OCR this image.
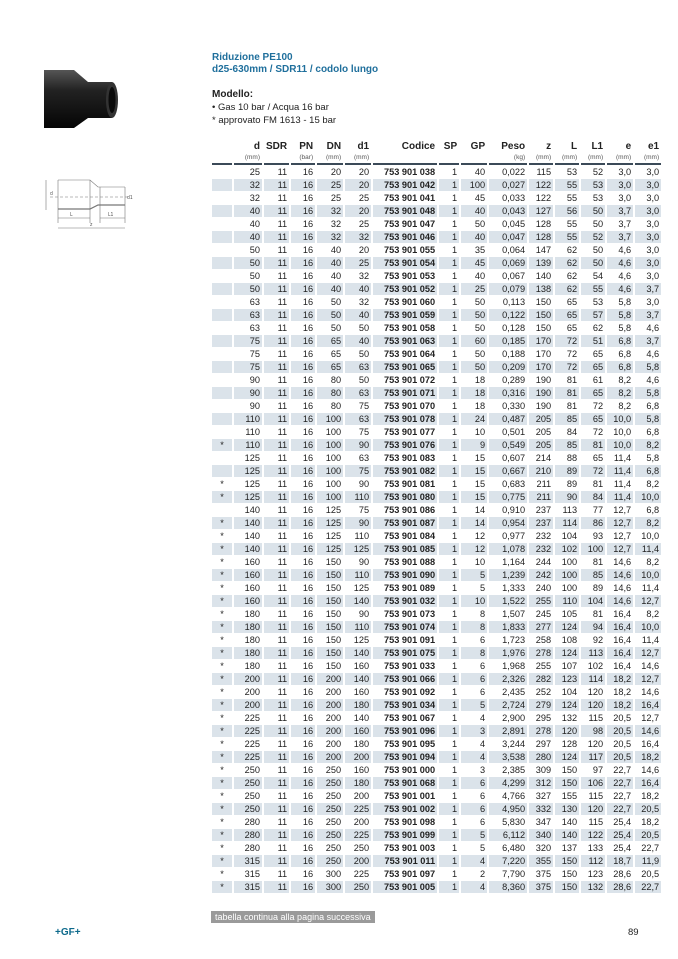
Riduzione PE100
d25-630mm / SDR11 / codolo lungo
Modello:
• Gas 10 bar / Acqua 16 bar
* approvato FM 1613 - 15 bar
d
L	L1
z
d1
	d	SDR	PN	DN	d1	Codice	SP	GP	Peso	z	L	L1	e	e1
	(mm)		(bar)	(mm)	(mm)				(kg)	(mm)	(mm)	(mm)	(mm)	(mm)
	25	11	16	20	20	753 901 038	1	40	0,022	115	53	52	3,0	3,0
	32	11	16	25	20	753 901 042	1	100	0,027	122	55	53	3,0	3,0
	32	11	16	25	25	753 901 041	1	45	0,033	122	55	53	3,0	3,0
	40	11	16	32	20	753 901 048	1	40	0,043	127	56	50	3,7	3,0
	40	11	16	32	25	753 901 047	1	50	0,045	128	55	50	3,7	3,0
	40	11	16	32	32	753 901 046	1	40	0,047	128	55	52	3,7	3,0
	50	11	16	40	20	753 901 055	1	35	0,064	147	62	50	4,6	3,0
	50	11	16	40	25	753 901 054	1	45	0,069	139	62	50	4,6	3,0
	50	11	16	40	32	753 901 053	1	40	0,067	140	62	54	4,6	3,0
	50	11	16	40	40	753 901 052	1	25	0,079	138	62	55	4,6	3,7
	63	11	16	50	32	753 901 060	1	50	0,113	150	65	53	5,8	3,0
	63	11	16	50	40	753 901 059	1	50	0,122	150	65	57	5,8	3,7
	63	11	16	50	50	753 901 058	1	50	0,128	150	65	62	5,8	4,6
	75	11	16	65	40	753 901 063	1	60	0,185	170	72	51	6,8	3,7
	75	11	16	65	50	753 901 064	1	50	0,188	170	72	65	6,8	4,6
	75	11	16	65	63	753 901 065	1	50	0,209	170	72	65	6,8	5,8
	90	11	16	80	50	753 901 072	1	18	0,289	190	81	61	8,2	4,6
	90	11	16	80	63	753 901 071	1	18	0,316	190	81	65	8,2	5,8
	90	11	16	80	75	753 901 070	1	18	0,330	190	81	72	8,2	6,8
	110	11	16	100	63	753 901 078	1	24	0,487	205	85	65	10,0	5,8
	110	11	16	100	75	753 901 077	1	10	0,501	205	84	72	10,0	6,8
*	110	11	16	100	90	753 901 076	1	9	0,549	205	85	81	10,0	8,2
	125	11	16	100	63	753 901 083	1	15	0,607	214	88	65	11,4	5,8
	125	11	16	100	75	753 901 082	1	15	0,667	210	89	72	11,4	6,8
*	125	11	16	100	90	753 901 081	1	15	0,683	211	89	81	11,4	8,2
*	125	11	16	100	110	753 901 080	1	15	0,775	211	90	84	11,4	10,0
	140	11	16	125	75	753 901 086	1	14	0,910	237	113	77	12,7	6,8
*	140	11	16	125	90	753 901 087	1	14	0,954	237	114	86	12,7	8,2
*	140	11	16	125	110	753 901 084	1	12	0,977	232	104	93	12,7	10,0
*	140	11	16	125	125	753 901 085	1	12	1,078	232	102	100	12,7	11,4
*	160	11	16	150	90	753 901 088	1	10	1,164	244	100	81	14,6	8,2
*	160	11	16	150	110	753 901 090	1	5	1,239	242	100	85	14,6	10,0
*	160	11	16	150	125	753 901 089	1	5	1,333	240	100	89	14,6	11,4
*	160	11	16	150	140	753 901 032	1	10	1,522	255	110	104	14,6	12,7
*	180	11	16	150	90	753 901 073	1	8	1,507	245	105	81	16,4	8,2
*	180	11	16	150	110	753 901 074	1	8	1,833	277	124	94	16,4	10,0
*	180	11	16	150	125	753 901 091	1	6	1,723	258	108	92	16,4	11,4
*	180	11	16	150	140	753 901 075	1	8	1,976	278	124	113	16,4	12,7
*	180	11	16	150	160	753 901 033	1	6	1,968	255	107	102	16,4	14,6
*	200	11	16	200	140	753 901 066	1	6	2,326	282	123	114	18,2	12,7
*	200	11	16	200	160	753 901 092	1	6	2,435	252	104	120	18,2	14,6
*	200	11	16	200	180	753 901 034	1	5	2,724	279	124	120	18,2	16,4
*	225	11	16	200	140	753 901 067	1	4	2,900	295	132	115	20,5	12,7
*	225	11	16	200	160	753 901 096	1	3	2,891	278	120	98	20,5	14,6
*	225	11	16	200	180	753 901 095	1	4	3,244	297	128	120	20,5	16,4
*	225	11	16	200	200	753 901 094	1	4	3,538	280	124	117	20,5	18,2
*	250	11	16	250	160	753 901 000	1	3	2,385	309	150	97	22,7	14,6
*	250	11	16	250	180	753 901 068	1	6	4,299	312	150	106	22,7	16,4
*	250	11	16	250	200	753 901 001	1	6	4,766	327	155	115	22,7	18,2
*	250	11	16	250	225	753 901 002	1	6	4,950	332	130	120	22,7	20,5
*	280	11	16	250	200	753 901 098	1	6	5,830	347	140	115	25,4	18,2
*	280	11	16	250	225	753 901 099	1	5	6,112	340	140	122	25,4	20,5
*	280	11	16	250	250	753 901 003	1	5	6,480	320	137	133	25,4	22,7
*	315	11	16	250	200	753 901 011	1	4	7,220	355	150	112	18,7	11,9
*	315	11	16	300	225	753 901 097	1	2	7,790	375	150	123	28,6	20,5
*	315	11	16	300	250	753 901 005	1	4	8,360	375	150	132	28,6	22,7
tabella continua alla pagina successiva
+GF+	89
